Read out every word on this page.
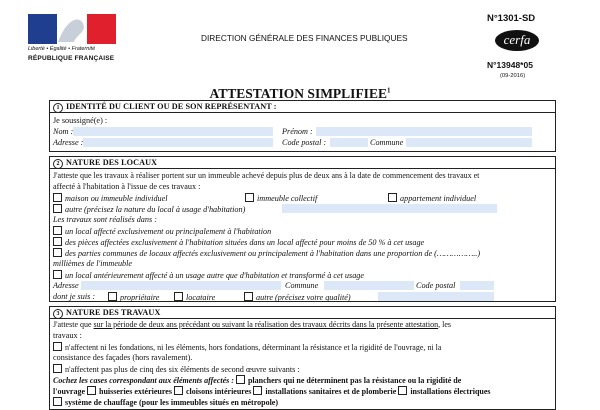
Liberté • Égalité • Fraternité
RÉPUBLIQUE FRANÇAISE
DIRECTION GÉNÉRALE DES FINANCES PUBLIQUES
N°1301-SD
cerfa
N°13948*05
(09-2016)
ATTESTATION SIMPLIFIEE$^1$
1 IDENTITÉ DU CLIENT OU DE SON REPRÉSENTANT :
Je soussigné(e) :
Nom :	Prénom :
Adresse :	Code postal :	Commune
2 NATURE DES LOCAUX
J'atteste que les travaux à réaliser portent sur un immeuble achevé depuis plus de deux ans à la date de commencement des travaux et
affecté à l'habitation à l'issue de ces travaux :
maison ou immeuble individuel	immeuble collectif	appartement individuel
autre (précisez la nature du local à usage d'habitation)
Les travaux sont réalisés dans :
un local affecté exclusivement ou principalement à l'habitation
des pièces affectées exclusivement à l'habitation situées dans un local affecté pour moins de 50 % à cet usage
des parties communes de locaux affectés exclusivement ou principalement à l'habitation dans une proportion de (……………..)
millièmes de l'immeuble
un local antérieurement affecté à un usage autre que d'habitation et transformé à cet usage
Adresse	Commune	Code postal
dont je suis :	propriétaire	locataire	autre (précisez votre qualité)
3 NATURE DES TRAVAUX
J'atteste que sur la période de deux ans précédant ou suivant la réalisation des travaux décrits dans la présente attestation, les
travaux :
n'affectent ni les fondations, ni les éléments, hors fondations, déterminant la résistance et la rigidité de l'ouvrage, ni la
consistance des façades (hors ravalement).
n'affectent pas plus de cinq des six éléments de second œuvre suivants :
Cochez les cases correspondant aux éléments affectés : planchers qui ne déterminent pas la résistance ou la rigidité de
l'ouvrage huisseries extérieures cloisons intérieures installations sanitaires et de plomberie installations électriques
système de chauffage (pour les immeubles situés en métropole)
